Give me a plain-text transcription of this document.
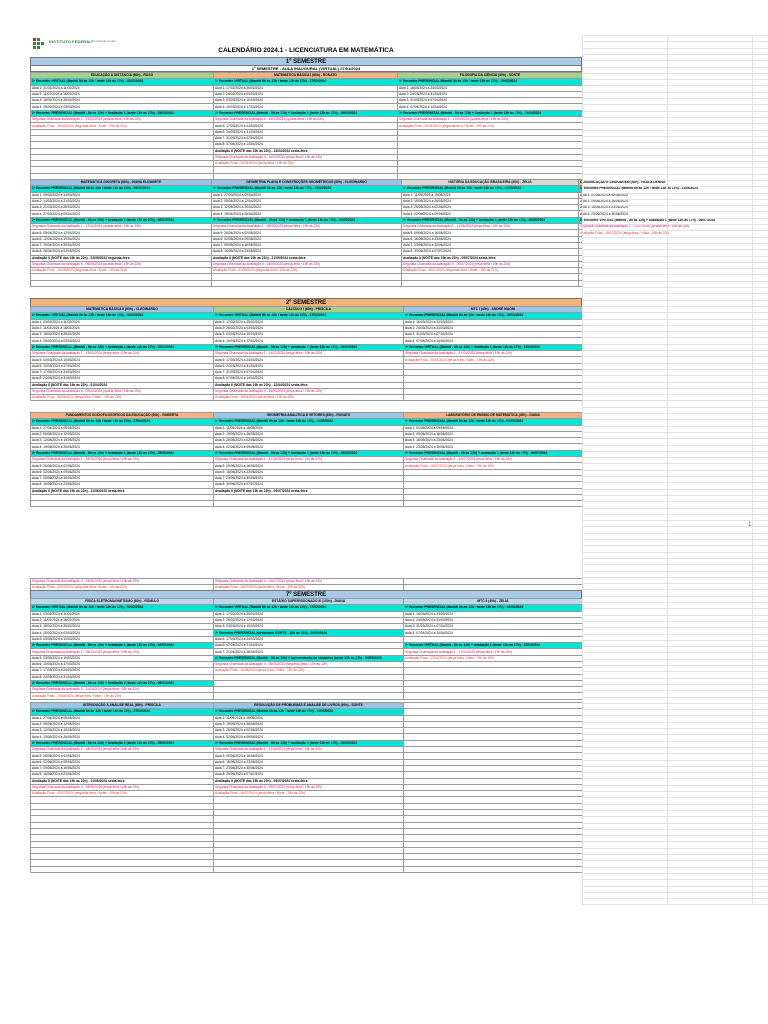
INSTITUTO FEDERAL Rio Grande do Sul
CALENDÁRIO 2024.1 - LICENCIATURA EM MATEMÁTICA
1º SEMESTRE
1º SEMESTRE - AULA INAUGURAL (VIRTUAL) 27/01/2024
EDUCAÇÃO A DISTÂNCIA (60h) - ROSO	MATEMÁTICA BÁSICA I (60h) - RONATO	FILOSOFIA DA CIÊNCIA (40h) - SONTE
1º Encontro VIRTUAL (Manhã 8h às 12h / tarde 13h às 17h) - 03/02/2024	1º Encontro VIRTUAL (Manhã 8h às 12h / tarde 13h às 17h) - 17/02/2024	1º Encontro PRESENCIAL (Manhã 8h às 12h / tarde 13h às 17h) - 16/03/2024
Aula 1: 31/01/2024 a 11/02/2024	Aula 1: 17/02/2024 a 25/02/2024	Aula 1: 16/03/2024 a 24/03/2024
Aula 2: 11/02/2024 a 18/02/2024	Aula 2: 26/02/2024 a 03/03/2024	Aula 2: 24/03/2024 a 31/03/2024
Aula 3: 18/02/2024 a 25/02/2024	Aula 3: 03/03/2024 a 10/03/2024	Aula 3: 31/03/2024 a 07/04/2024
Aula 4: 25/02/2024 a 03/03/2024	Aula 4: 10/03/2024 a 17/03/2024	Aula 4: 07/04/2024 a 14/04/2024
2º Encontro PRESENCIAL (Manhã - 8h às 12h) + Avaliação 1 (tarde 13h às 17h) - 09/03/2024	2º Encontro PRESENCIAL (Manhã - 8h às 12h) + Avaliação 1 (tarde 13h às 17h) - 09/03/2024	2º Encontro PRESENCIAL (Manhã - 8h às 12h) + Avaliação 1 (tarde 13h às 17h) - 13/04/2024
Segunda Chamada da Avaliação 1 - 13/03/2024 (quarta-feira / 19h às 22h)	Segunda Chamada da Avaliação 1 - 16/03/2024 (quarta-feira / 19h às 22h)	Segunda Chamada da Avaliação 1 - 17/04/2024 (quarta-feira / 19h às 22h)
Avaliação Final - 15/03/2024 (segunda-feira / Noite - 19h às 22h)	Aula 5: 17/03/2024 a 24/03/2024	Avaliação Final - 20/04/2024 (segunda-feira / Noite - 19h às 22h)
	Aula 6: 24/03/2024 a 31/03/2024	
	Aula 7: 31/03/2024 a 07/04/2024	
	Aula 8: 07/04/2024 a 14/04/2024	
	Avaliação II (NOITE das 19h às 22h) - 13/04/2024 sexta-feira	
	Segunda Chamada da Avaliação II - 16/04/2024 (terça-feira / 19h às 22h)	
	Avaliação Final - 20/04/2024 (sexta-feira / 19h às 22h)	

MATEMÁTICA DISCRETA (60h) - DIANA ELIZABETE	GEOMETRIA PLANA E CONSTRUÇÕES GEOMÉTRICAS (60h) - CLEDINARDO	HISTÓRIA DA EDUCAÇÃO BRASILEIRA (40h) - ZELIA	COMUNICAÇÃO E LINGUAGEM (40h) - PAULA DENISE
1º Encontro PRESENCIAL (Manhã 8h às 12h / tarde 13h às 17h) - 09/03/2024	1º Encontro PRESENCIAL (Manhã 8h às 12h / tarde 13h às 17h) - 16/03/2024	1º Encontro PRESENCIAL (Manhã 8h às 12h / tarde 13h às 17h) - 11/05/2024	1º Encontro PRESENCIAL (Manhã 8h às 12h / tarde 13h às 17h) - 11/05/2024
Aula 1: 09/03/2024 a 14/03/2024	Aula 1: 27/03/2024 a 09/04/2024	Aula 1: 11/05/2024 a 19/05/2024	Aula 1: 21/06/2024 a 02/06/2024
Aula 2: 14/03/2024 a 21/03/2024	Aula 2: 09/04/2024 a 12/04/2024	Aula 2: 19/05/2024 a 26/05/2024	Aula 2: 09/06/2024 a 16/06/2024
Aula 3: 21/03/2024 a 28/03/2024	Aula 3: 12/04/2024 a 19/04/2024	Aula 3: 26/05/2024 a 02/06/2024	Aula 3: 16/06/2024 a 23/06/2024
Aula 4: 27/03/2024 a 09/04/2024	Aula 4: 19/04/2024 a 26/04/2024	Aula 4: 02/06/2024 a 09/06/2024	Aula 4: 23/06/2024 a 30/06/2024
2º Encontro PRESENCIAL (Manhã - 8h às 12h) + Avaliação 1 (tarde 13h às 17h) - 06/04/2024	2º Encontro PRESENCIAL (Manhã - 8h às 12h) + Avaliação 1 (tarde 13h às 17h) - 04/05/2024	2º Encontro PRESENCIAL (Manhã - 8h às 12h) + Avaliação 1 (tarde 13h às 17h) - 08/06/2024	2º Encontro VIRTUAL (Manhã - 8h às 12h) + Avaliação 1 (tarde 13h às 17h) - 06/07/2024
Segunda Chamada da Avaliação 1 - 17/04/2024 (quarta-feira / 19h às 22h)	Segunda Chamada da Avaliação 1 - 08/05/2024 (terça-feira / 19h às 22h)	Segunda Chamada da Avaliação 1 - 11/06/2024 (terça-feira / 19h às 22h)	Segunda Chamada da Avaliação 1 - 07/07/2024 (quarta-feira / 19h às 22h)
Aula 5: 09/04/2024 a 12/04/2024	Aula 5: 26/04/2024 a 02/05/2024	Aula 5: 09/06/2024 a 16/06/2024	Avaliação Final - 15/07/2024 (terça-feira / Noite - 19h às 22h)
Aula 6: 12/04/2024 a 19/04/2024	Aula 6: 02/05/2024 a 09/05/2024	Aula 6: 16/06/2024 a 23/06/2024	
Aula 7: 19/04/2024 a 26/04/2024	Aula 7: 09/05/2024 a 16/05/2024	Aula 7: 23/06/2024 a 30/06/2024	
Aula 8: 26/04/2024 a 02/05/2024	Aula 8: 16/05/2024 a 23/05/2024	Aula 8: 30/06/2024 a 07/07/2024	
Avaliação II (NOITE das 19h às 22h) - 02/05/2024 segunda-feira	Avaliação II (NOITE das 19h às 22h) - 21/05/2024 sexta-feira	Avaliação II (NOITE das 19h às 22h) - 05/07/2024 sexta-feira	
Segunda Chamada da Avaliação II - 05/05/2024 (quarta-feira / 19h às 22h)	Segunda Chamada da Avaliação II - 24/05/2024 (terça-feira / 19h às 22h)	Segunda Chamada da Avaliação II - 09/07/2024 (terça-feira / 19h às 22h)	
Avaliação Final - 10/05/2024 (segunda-feira / Noite - 19h às 22h)	Avaliação Final - 31/05/2024 (segunda-feira / 19h às 22h)	Avaliação Final - 16/07/2024 (segunda-feira / Noite - 19h às 22h)	

2º SEMESTRE
MATEMÁTICA BÁSICA II (60h) - CLEDINARDO	CÁLCULO I (60h) - PRISCILA	MTC I (40h) - ANDRÉ MAGNI
1º Encontro VIRTUAL (Manhã 8h às 12h / tarde 13h às 17h) - 03/02/2024	1º Encontro VIRTUAL (Manhã 8h às 12h / tarde 13h às 17h) - 17/02/2024	1º Encontro PRESENCIAL (Manhã 8h às 12h / tarde 13h às 17h) - 16/03/2024
Aula 1: 03/02/2024 a 11/02/2024	Aula 1: 17/02/2024 a 25/02/2024	Aula 1: 16/03/2024 a 24/03/2024
Aula 2: 11/02/2024 a 18/02/2024	Aula 2: 26/02/2024 a 03/03/2024	Aula 2: 24/03/2024 a 31/03/2024
Aula 3: 18/02/2024 a 25/02/2024	Aula 3: 03/03/2024 a 10/03/2024	Aula 3: 31/03/2024 a 07/04/2024
Aula 4: 25/02/2024 a 03/03/2024	Aula 4: 10/03/2024 a 17/03/2024	Aula 4: 07/04/2024 a 14/04/2024
2º Encontro PRESENCIAL (Manhã - 8h às 12h) + Avaliação 1 (tarde 13h às 17h) - 02/03/2024	2º Encontro PRESENCIAL (Manhã - 8h às 12h) + Avaliação 1 (tarde 13h às 17h) - 09/03/2024	2º Encontro VIRTUAL (Manhã - 8h às 12h) + Avaliação 1 (tarde 13h às 17h) - 13/04/2024
Segunda Chamada da Avaliação 1 - 13/03/2024 (terça-feira / 19h às 22h)	Segunda Chamada da Avaliação 1 - 14/03/2024 (terça-feira / 19h às 22h)	Segunda Chamada da Avaliação 1 - 17/04/2024 (terça-feira / 19h às 22h)
Aula 5: 03/03/2024 a 10/03/2024	Aula 5: 17/03/2024 a 24/03/2024	Avaliação Final - 20/04/2024 (terça-feira / Noite - 19h às 22h)
Aula 6: 10/03/2024 a 17/03/2024	Aula 6: 24/03/2024 a 31/03/2024	
Aula 7: 17/03/2024 a 24/03/2024	Aula 7: 31/03/2024 a 07/04/2024	
Aula 8: 24/03/2024 a 31/03/2024	Aula 8: 07/04/2024 a 14/04/2024	
Avaliação II (NOITE das 19h às 22h) - 01/04/2024	Avaliação II (NOITE das 19h às 22h) - 12/04/2024 sexta-feira	
Segunda Chamada da Avaliação II - 03/04/2024 (quarta-feira / 19h às 22h)	Segunda Chamada da Avaliação II - 16/04/2024 (terça-feira / 19h às 22h)	
Avaliação Final - 08/04/2024 (terça-feira / Noite - 19h às 22h)	Avaliação Final - 19/04/2024 (sexta-feira / 19h às 22h)	
FUNDAMENTOS SOCIOFILOSÓFICOS DA EDUCAÇÃO (60h) - ROBERTA	GEOMETRIA ANALÍTICA E VETORES (60h) - RONATO	LABORATÓRIO DE ENSINO DE MATEMÁTICA (40h) - DIANA
1º Encontro PRESENCIAL (Manhã 8h às 12h / tarde 13h às 17h) - 27/04/2024	1º Encontro PRESENCIAL (Manhã 8h às 12h / tarde 13h às 17h) - 11/05/2024	1º Encontro PRESENCIAL (Manhã 8h às 12h / tarde 13h às 17h) - 01/06/2024
Aula 1: 27/04/2024 a 05/05/2024	Aula 1: 11/05/2024 a 19/05/2024	Aula 1: 01/06/2024 a 09/06/2024
Aula 2: 05/05/2024 a 12/05/2024	Aula 2: 19/05/2024 a 26/05/2024	Aula 2: 09/06/2024 a 16/06/2024
Aula 3: 12/05/2024 a 19/05/2024	Aula 3: 26/05/2024 a 02/06/2024	Aula 3: 16/06/2024 a 23/06/2024
Aula 4: 19/05/2024 a 26/05/2024	Aula 4: 02/06/2024 a 09/06/2024	Aula 4: 23/06/2024 a 30/06/2024
2º Encontro PRESENCIAL (Manhã - 8h às 12h) + Avaliação 1 (tarde 13h às 17h) - 25/05/2024	2º Encontro PRESENCIAL (Manhã - 8h às 12h) + Avaliação 1 (tarde 13h às 17h) - 08/06/2024	2º Encontro PRESENCIAL (Manhã - 8h às 12h) + Avaliação 1 (tarde 13h às 17h) - 06/07/2024
Segunda Chamada da Avaliação 1 - 28/05/2024 (terça-feira / 19h às 22h)	Segunda Chamada da Avaliação 1 - 11/06/2024 (terça-feira / 19h às 22h)	Segunda Chamada da Avaliação 1 - 10/07/2024 (terça-feira / 19h às 22h)
Aula 5: 26/05/2024 a 02/06/2024	Aula 5: 09/06/2024 a 16/06/2024	Avaliação Final - 16/07/2024 (terça-feira / Noite - 19h às 22h)
Aula 6: 02/06/2024 a 09/06/2024	Aula 6: 16/06/2024 a 23/06/2024	
Aula 7: 09/06/2024 a 16/06/2024	Aula 7: 23/06/2024 a 30/06/2024	
Aula 8: 16/06/2024 a 23/06/2024	Aula 8: 30/06/2024 a 07/07/2024	
Avaliação II (NOITE das 19h às 22h) - 21/06/2024 sexta-feira	Avaliação II (NOITE das 19h às 22h) - 05/07/2024 sexta-feira	

1
Segunda Chamada da Avaliação II - 25/06/2024 (terça-feira / 19h às 22h)	Segunda Chamada da Avaliação II - 09/07/2024 (terça-feira / 19h às 22h)	
Avaliação Final - 02/07/2024 (segunda-feira / Noite - 19h às 22h)	Avaliação Final - 16/07/2024 (sexta-feira / Noite - 19h às 22h)	
7º SEMESTRE
FÍSICA ELETROMAGNETISMO (60h) - RÔMULO	ESTÁGIO SUPERVISIONADO III (100h) - DIANA	MTC II (40h) - ZELIA
1º Encontro VIRTUAL (Manhã 8h às 12h / tarde 13h às 17h) - 03/02/2024	1º Encontro VIRTUAL (Manhã 8h às 12h / tarde 13h às 17h) - 17/02/2024	1º Encontro PRESENCIAL (Manhã 8h às 12h / tarde 13h às 17h) - 16/03/2024
Aula 1: 03/02/2024 a 11/02/2024	Aula 1: 17/02/2024 a 25/02/2024	Aula 1: 16/03/2024 a 24/03/2024
Aula 2: 11/02/2024 a 18/02/2024	Aula 2: 26/02/2024 a 17/03/2024	Aula 2: 24/03/2024 a 31/03/2024
Aula 3: 18/02/2024 a 25/02/2024	Aula 3: 03/03/2024 a 10/03/2024	Aula 3: 31/03/2024 a 07/04/2024
Aula 4: 25/02/2024 a 03/03/2024	2º Encontro PRESENCIAL (tarde/noite SORTE - 16h às 21h) - 09/03/2024	Aula 4: 07/04/2024 a 14/04/2024
Aula 5: 03/03/2024 a 10/03/2024	Aula 5: 17/03/2024 a 24/03/2024	
2º Encontro PRESENCIAL (Manhã - 8h às 12h) + Avaliação 1 (tarde 13h às 17h) - 02/03/2024	Aula 6: 07/04/2024 a 21/04/2024	2º Encontro VIRTUAL (Manhã - 8h às 12h) + Avaliação 1 (tarde 13h às 17h) - 13/04/2024
Segunda Chamada da Avaliação 1 - 05/03/2024 (terça-feira / 19h às 22h)	Aula 7: 21/04/2024 a 28/04/2024	Segunda Chamada da Avaliação 1 - 17/04/2024 (terça-feira / 19h às 22h)
Aula 5: 03/03/2024 a 10/03/2024	2º Encontro PRESENCIAL (Manhã - 8h às 12h) + Apresentação de relatórios (tarde 13h às 17h) - 04/05/2024	Avaliação Final - 23/04/2024 (terça-feira / Noite - 19h às 22h)
Aula 6: 10/03/2024 a 17/03/2024	Segunda Chamada da Avaliação II - 06/05/2024 (segunda-feira / 19h às 22h)	
Aula 7: 17/03/2024 a 24/03/2024	Avaliação Final - 10/05/2024 (terça-feira / Noite - 19h às 22h)	
Aula 8: 24/03/2024 a 31/03/2024		
3º Encontro PRESENCIAL (Manhã - 8h às 12h) + Avaliação 2 (tarde 13h às 17h) - 06/04/2024		
Segunda Chamada da Avaliação II - 11/04/2024 (terça-feira / 19h às 22h)		
Avaliação Final - 19/04/2024 (terça-feira / Noite - 19h às 22h)		
INTRODUÇÃO À ANÁLISE REAL (60h) - PRISCILA	RESOLUÇÃO DE PROBLEMAS E ANÁLISE DE LIVROS (60h) - SONTE	
1º Encontro PRESENCIAL (Manhã 8h às 12h / tarde 13h às 17h) - 27/04/2024	1º Encontro PRESENCIAL (Manhã 8h às 12h / tarde 13h às 17h) - 11/05/2024	
Aula 1: 27/04/2024 a 05/05/2024	Aula 1: 11/05/2024 a 19/05/2024	
Aula 2: 05/05/2024 a 12/05/2024	Aula 2: 19/05/2024 a 26/05/2024	
Aula 3: 12/05/2024 a 19/05/2024	Aula 3: 26/05/2024 a 02/06/2024	
Aula 4: 19/05/2024 a 26/05/2024	Aula 4: 02/06/2024 a 09/06/2024	
2º Encontro PRESENCIAL (Manhã - 8h às 12h) + Avaliação 1 (tarde 13h às 17h) - 25/05/2024	2º Encontro PRESENCIAL (Manhã - 8h às 12h) + Avaliação 1 (tarde 13h às 17h) - 08/06/2024	
Segunda Chamada da Avaliação 1 - 28/05/2024 (terça-feira / 19h às 22h)	Segunda Chamada da Avaliação 1 - 11/06/2024 (terça-feira / 19h às 22h)	
Aula 5: 26/05/2024 a 02/06/2024	Aula 5: 09/06/2024 a 16/06/2024	
Aula 6: 02/06/2024 a 09/06/2024	Aula 6: 16/06/2024 a 23/06/2024	
Aula 7: 09/06/2024 a 16/06/2024	Aula 7: 23/06/2024 a 30/06/2024	
Aula 8: 16/06/2024 a 23/06/2024	Aula 8: 30/06/2024 a 07/07/2024	
Avaliação II (NOITE das 19h às 22h) - 21/06/2024 sexta-feira	Avaliação II (NOITE das 19h às 22h) - 05/07/2024 sexta-feira	
Segunda Chamada da Avaliação II - 25/06/2024 (terça-feira / 19h às 22h)	Segunda Chamada da Avaliação II - 09/07/2024 (terça-feira / 19h às 22h)	
Avaliação Final - 02/07/2024 (segunda-feira / Noite - 19h às 22h)	Avaliação Final - 16/07/2024 (sexta-feira / Noite - 19h às 22h)	
